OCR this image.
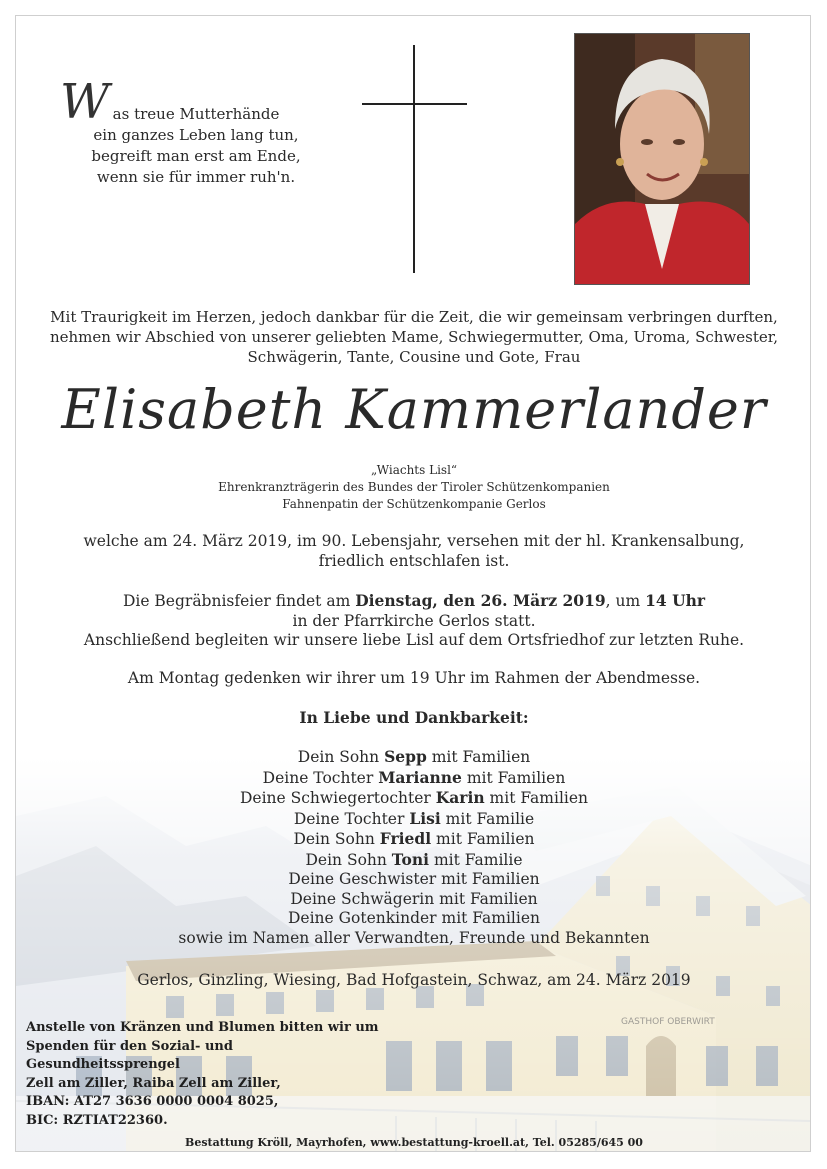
W as treue Mutterhände
ein ganzes Leben lang tun,
begreift man erst am Ende,
wenn sie für immer ruh'n.
Mit Traurigkeit im Herzen, jedoch dankbar für die Zeit, die wir gemeinsam verbringen durften,
nehmen wir Abschied von unserer geliebten Mame, Schwiegermutter, Oma, Uroma, Schwester,
Schwägerin, Tante, Cousine und Gote, Frau
Elisabeth Kammerlander
„Wiachts Lisl“
Ehrenkranzträgerin des Bundes der Tiroler Schützenkompanien
Fahnenpatin der Schützenkompanie Gerlos
welche am 24. März 2019, im 90. Lebensjahr, versehen mit der hl. Krankensalbung,
friedlich entschlafen ist.
Die Begräbnisfeier findet am Dienstag, den 26. März 2019, um 14 Uhr
in der Pfarrkirche Gerlos statt.
Anschließend begleiten wir unsere liebe Lisl auf dem Ortsfriedhof zur letzten Ruhe.
Am Montag gedenken wir ihrer um 19 Uhr im Rahmen der Abendmesse.
In Liebe und Dankbarkeit:
Dein Sohn Sepp mit Familien
Deine Tochter Marianne mit Familien
Deine Schwiegertochter Karin mit Familien
Deine Tochter Lisi mit Familie
Dein Sohn Friedl mit Familien
Dein Sohn Toni mit Familie
Deine Geschwister mit Familien
Deine Schwägerin mit Familien
Deine Gotenkinder mit Familien
sowie im Namen aller Verwandten, Freunde und Bekannten
Gerlos, Ginzling, Wiesing, Bad Hofgastein, Schwaz, am 24. März 2019
Anstelle von Kränzen und Blumen bitten wir um
Spenden für den Sozial- und Gesundheitssprengel
Zell am Ziller, Raiba Zell am Ziller,
IBAN: AT27 3636 0000 0004 8025,
BIC: RZTIAT22360.
Bestattung Kröll, Mayrhofen, www.bestattung-kroell.at, Tel. 05285/645 00
